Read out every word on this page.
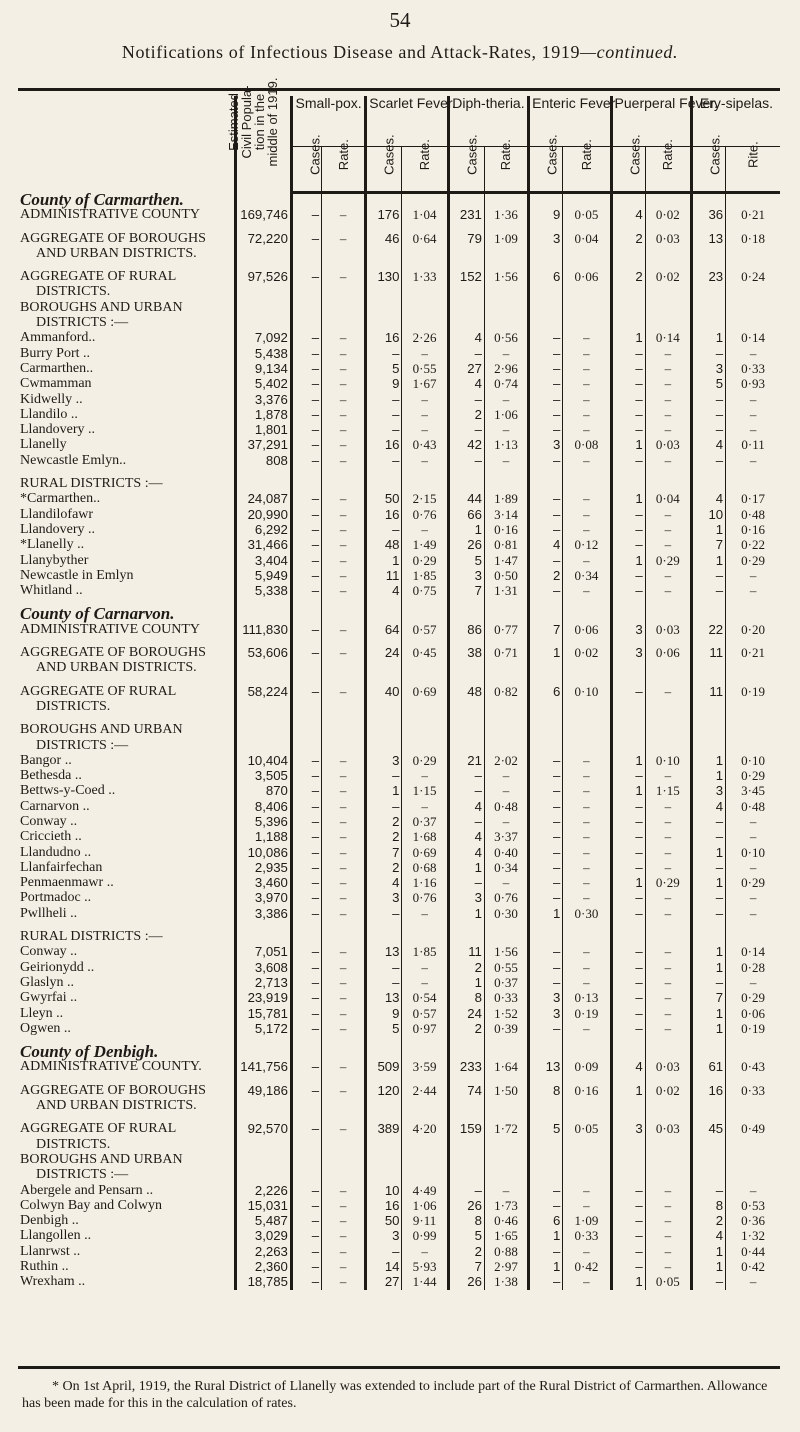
54
Notifications of Infectious Disease and Attack-Rates, 1919—continued.

	Estimated
Civil Popula-
tion in the
middle of 1919.	Small-pox.		Scarlet Fever.		Diph-theria.		Enteric Fever.		Puerperal Fever.		Ery-sipelas.	
		Cases.	Rate.	Cases.	Rate.	Cases.	Rate.	Cases.	Rate.	Cases.	Rate.	Cases.	Rite.
County of Carmarthen.													
ADMINISTRATIVE COUNTY	169,746	–	–	176	1·04	231	1·36	9	0·05	4	0·02	36	0·21

AGGREGATE OF BOROUGHS	72,220	–	–	46	0·64	79	1·09	3	0·04	2	0·03	13	0·18
AND URBAN DISTRICTS.													

AGGREGATE OF RURAL	97,526	–	–	130	1·33	152	1·56	6	0·06	2	0·02	23	0·24
DISTRICTS.													
BOROUGHS AND URBAN													
DISTRICTS :—													
Ammanford..	7,092	–	–	16	2·26	4	0·56	–	–	1	0·14	1	0·14
Burry Port ..	5,438	–	–	–	–	–	–	–	–	–	–	–	–
Carmarthen..	9,134	–	–	5	0·55	27	2·96	–	–	–	–	3	0·33
Cwmamman	5,402	–	–	9	1·67	4	0·74	–	–	–	–	5	0·93
Kidwelly ..	3,376	–	–	–	–	–	–	–	–	–	–	–	–
Llandilo ..	1,878	–	–	–	–	2	1·06	–	–	–	–	–	–
Llandovery ..	1,801	–	–	–	–	–	–	–	–	–	–	–	–
Llanelly	37,291	–	–	16	0·43	42	1·13	3	0·08	1	0·03	4	0·11
Newcastle Emlyn..	808	–	–	–	–	–	–	–	–	–	–	–	–

RURAL DISTRICTS :—													
*Carmarthen..	24,087	–	–	50	2·15	44	1·89	–	–	1	0·04	4	0·17
Llandilofawr	20,990	–	–	16	0·76	66	3·14	–	–	–	–	10	0·48
Llandovery ..	6,292	–	–	–	–	1	0·16	–	–	–	–	1	0·16
*Llanelly ..	31,466	–	–	48	1·49	26	0·81	4	0·12	–	–	7	0·22
Llanybyther	3,404	–	–	1	0·29	5	1·47	–	–	1	0·29	1	0·29
Newcastle in Emlyn	5,949	–	–	11	1·85	3	0·50	2	0·34	–	–	–	–
Whitland ..	5,338	–	–	4	0·75	7	1·31	–	–	–	–	–	–

County of Carnarvon.													
ADMINISTRATIVE COUNTY	111,830	–	–	64	0·57	86	0·77	7	0·06	3	0·03	22	0·20

AGGREGATE OF BOROUGHS	53,606	–	–	24	0·45	38	0·71	1	0·02	3	0·06	11	0·21
AND URBAN DISTRICTS.													

AGGREGATE OF RURAL	58,224	–	–	40	0·69	48	0·82	6	0·10	–	–	11	0·19
DISTRICTS.													

BOROUGHS AND URBAN													
DISTRICTS :—													
Bangor ..	10,404	–	–	3	0·29	21	2·02	–	–	1	0·10	1	0·10
Bethesda ..	3,505	–	–	–	–	–	–	–	–	–	–	1	0·29
Bettws-y-Coed ..	870	–	–	1	1·15	–	–	–	–	1	1·15	3	3·45
Carnarvon ..	8,406	–	–	–	–	4	0·48	–	–	–	–	4	0·48
Conway ..	5,396	–	–	2	0·37	–	–	–	–	–	–	–	–
Criccieth ..	1,188	–	–	2	1·68	4	3·37	–	–	–	–	–	–
Llandudno ..	10,086	–	–	7	0·69	4	0·40	–	–	–	–	1	0·10
Llanfairfechan	2,935	–	–	2	0·68	1	0·34	–	–	–	–	–	–
Penmaenmawr ..	3,460	–	–	4	1·16	–	–	–	–	1	0·29	1	0·29
Portmadoc ..	3,970	–	–	3	0·76	3	0·76	–	–	–	–	–	–
Pwllheli ..	3,386	–	–	–	–	1	0·30	1	0·30	–	–	–	–

RURAL DISTRICTS :—													
Conway ..	7,051	–	–	13	1·85	11	1·56	–	–	–	–	1	0·14
Geirionydd ..	3,608	–	–	–	–	2	0·55	–	–	–	–	1	0·28
Glaslyn ..	2,713	–	–	–	–	1	0·37	–	–	–	–	–	–
Gwyrfai ..	23,919	–	–	13	0·54	8	0·33	3	0·13	–	–	7	0·29
Lleyn ..	15,781	–	–	9	0·57	24	1·52	3	0·19	–	–	1	0·06
Ogwen ..	5,172	–	–	5	0·97	2	0·39	–	–	–	–	1	0·19

County of Denbigh.													
ADMINISTRATIVE COUNTY.	141,756	–	–	509	3·59	233	1·64	13	0·09	4	0·03	61	0·43

AGGREGATE OF BOROUGHS	49,186	–	–	120	2·44	74	1·50	8	0·16	1	0·02	16	0·33
AND URBAN DISTRICTS.													

AGGREGATE OF RURAL	92,570	–	–	389	4·20	159	1·72	5	0·05	3	0·03	45	0·49
DISTRICTS.													
BOROUGHS AND URBAN													
DISTRICTS :—													
Abergele and Pensarn ..	2,226	–	–	10	4·49	–	–	–	–	–	–	–	–
Colwyn Bay and Colwyn	15,031	–	–	16	1·06	26	1·73	–	–	–	–	8	0·53
Denbigh ..	5,487	–	–	50	9·11	8	0·46	6	1·09	–	–	2	0·36
Llangollen ..	3,029	–	–	3	0·99	5	1·65	1	0·33	–	–	4	1·32
Llanrwst ..	2,263	–	–	–	–	2	0·88	–	–	–	–	1	0·44
Ruthin ..	2,360	–	–	14	5·93	7	2·97	1	0·42	–	–	1	0·42
Wrexham ..	18,785	–	–	27	1·44	26	1·38	–	–	1	0·05	–	–
* On 1st April, 1919, the Rural District of Llanelly was extended to include part of the Rural District of Carmarthen. Allowance has been made for this in the calculation of rates.
